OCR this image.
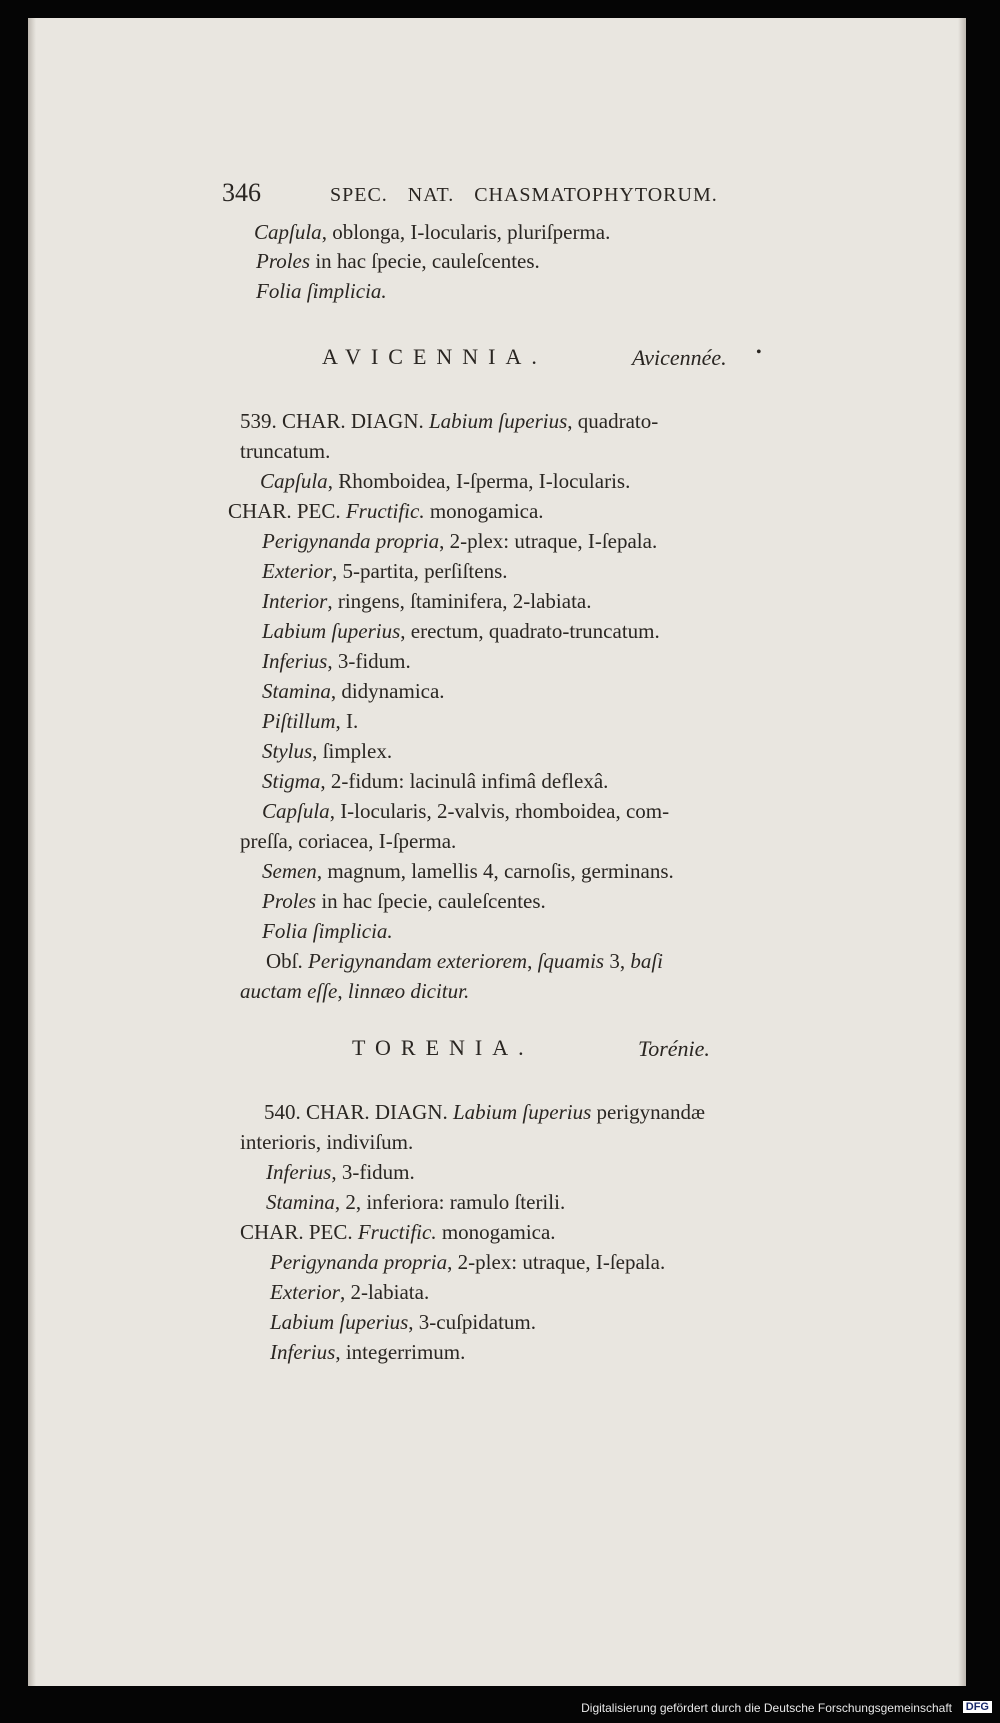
346	SPEC. NAT. CHASMATOPHYTORUM.
Capſula, oblonga, I-locularis, pluriſperma.
Proles in hac ſpecie, cauleſcentes.
Folia ſimplicia.
AVICENNIA.	Avicennée. •
539. CHAR. DIAGN. Labium ſuperius, quadrato-
truncatum.
Capſula, Rhomboidea, I-ſperma, I-locularis.
CHAR. PEC. Fructific. monogamica.
Perigynanda propria, 2-plex: utraque, I-ſepala.
Exterior, 5-partita, perſiſtens.
Interior, ringens, ſtaminifera, 2-labiata.
Labium ſuperius, erectum, quadrato-truncatum.
Inferius, 3-fidum.
Stamina, didynamica.
Piſtillum, I.
Stylus, ſimplex.
Stigma, 2-fidum: lacinulâ infimâ deflexâ.
Capſula, I-locularis, 2-valvis, rhomboidea, com-
preſſa, coriacea, I-ſperma.
Semen, magnum, lamellis 4, carnoſis, germinans.
Proles in hac ſpecie, cauleſcentes.
Folia ſimplicia.
Obſ. Perigynandam exteriorem, ſquamis 3, baſi
auctam eſſe, linnæo dicitur.
TORENIA.	Torénie.
540. CHAR. DIAGN. Labium ſuperius perigynandæ
interioris, indiviſum.
Inferius, 3-fidum.
Stamina, 2, inferiora: ramulo ſterili.
CHAR. PEC. Fructific. monogamica.
Perigynanda propria, 2-plex: utraque, I-ſepala.
Exterior, 2-labiata.
Labium ſuperius, 3-cuſpidatum.
Inferius, integerrimum.
Digitalisierung gefördert durch die Deutsche Forschungsgemeinschaft DFG
